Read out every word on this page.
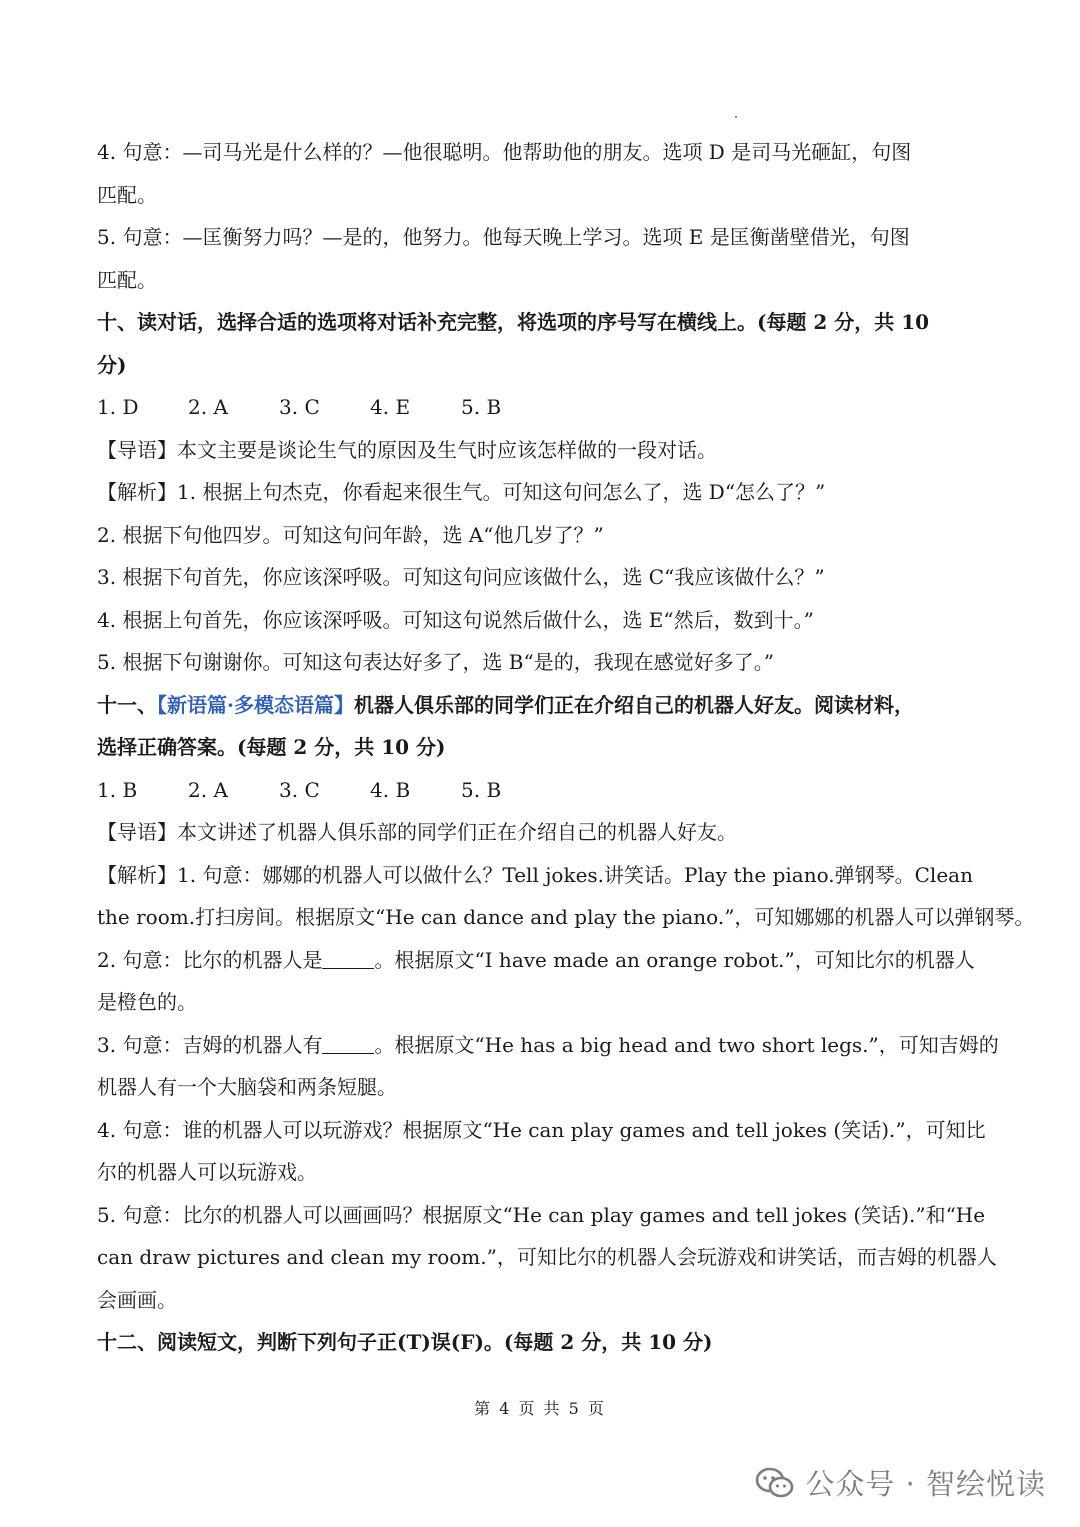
4. 句意：—司马光是什么样的？—他很聪明。他帮助他的朋友。选项 D 是司马光砸缸，句图
匹配。
5. 句意：—匡衡努力吗？—是的，他努力。他每天晚上学习。选项 E 是匡衡凿壁借光，句图
匹配。
十、读对话，选择合适的选项将对话补充完整，将选项的序号写在横线上。(每题 2 分，共 10
分)
1. D 2. A	3. C	4. E	5. B
【导语】本文主要是谈论生气的原因及生气时应该怎样做的一段对话。
【解析】1. 根据上句杰克，你看起来很生气。可知这句问怎么了，选 D“怎么了？”
2. 根据下句他四岁。可知这句问年龄，选 A“他几岁了？”
3. 根据下句首先，你应该深呼吸。可知这句问应该做什么，选 C“我应该做什么？”
4. 根据上句首先，你应该深呼吸。可知这句说然后做什么，选 E“然后，数到十。”
5. 根据下句谢谢你。可知这句表达好多了，选 B“是的，我现在感觉好多了。”
十一、【新语篇·多模态语篇】机器人俱乐部的同学们正在介绍自己的机器人好友。阅读材料，
选择正确答案。(每题 2 分，共 10 分)
1. B	2. A	3. C	4. B	5. B
【导语】本文讲述了机器人俱乐部的同学们正在介绍自己的机器人好友。
【解析】1. 句意：娜娜的机器人可以做什么？Tell jokes.讲笑话。Play the piano.弹钢琴。Clean
the room.打扫房间。根据原文“He can dance and play the piano.”，可知娜娜的机器人可以弹钢琴。
2. 句意：比尔的机器人是	。根据原文“I have made an orange robot.”，可知比尔的机器人
是橙色的。
3. 句意：吉姆的机器人有	。根据原文“He has a big head and two short legs.”，可知吉姆的
机器人有一个大脑袋和两条短腿。
4. 句意：谁的机器人可以玩游戏？根据原文“He can play games and tell jokes (笑话).”，可知比
尔的机器人可以玩游戏。
5. 句意：比尔的机器人可以画画吗？根据原文“He can play games and tell jokes (笑话).”和“He
can draw pictures and clean my room.”，可知比尔的机器人会玩游戏和讲笑话，而吉姆的机器人
会画画。
十二、阅读短文，判断下列句子正(T)误(F)。(每题 2 分，共 10 分)
第 4 页 共 5 页
公众号 · 智绘悦读
